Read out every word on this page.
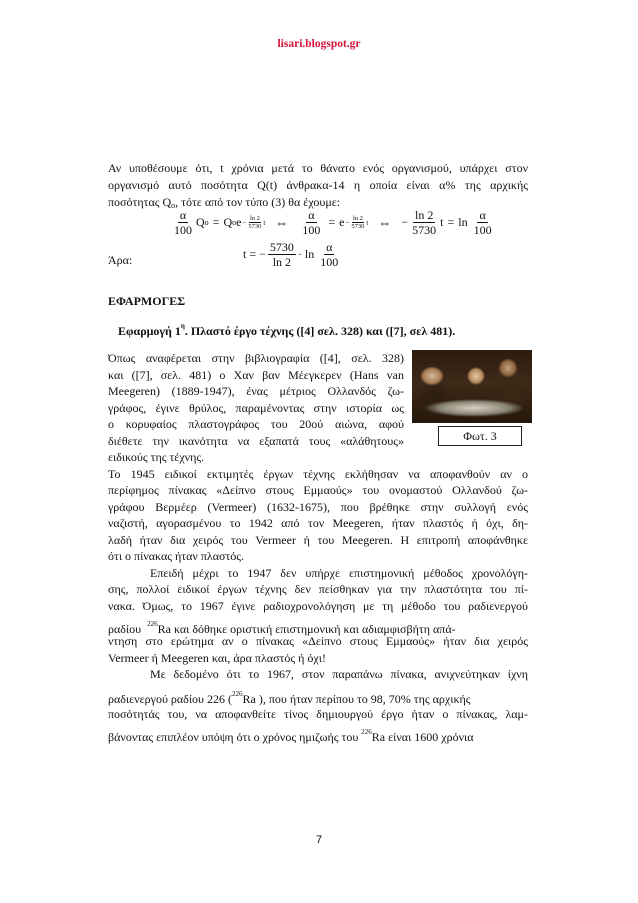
lisari.blogspot.gr
Αν υποθέσουμε ότι, t χρόνια μετά το θάνατο ενός οργανισμού, υπάρχει στον
οργανισμό αυτό ποσότητα Q(t) άνθρακα-14 η οποία είναι α% της αρχικής
ποσότητας Qο, τότε από τον τύπο (3) θα έχουμε:
$\frac{\alpha}{100}$ Q o = Q o $e - \frac{\ln 2}{5730}$ t ⇔ $\frac{\alpha}{100} = e - \frac{\ln 2}{5730}$ t ⇔ − $\frac{\ln 2}{5730}$ $t = \ln \frac{\alpha}{100}$
Άρα:	t = − $\frac{5730}{\ln 2} \cdot \ln \frac{\alpha}{100}$
ΕΦΑΡΜΟΓΕΣ
Εφαρμογή $1^\eta$. Πλαστό έργο τέχνης ([4] σελ. 328) και ([7], σελ 481).
Φωτ. 3
Όπως αναφέρεται στην βιβλιογραφία ([4], σελ. 328)
και ([7], σελ. 481) ο Χαν βαν Μέεγκερεν (Hans van
Meegeren) (1889-1947), ένας μέτριος Ολλανδός ζω-
γράφος, έγινε θρύλος, παραμένοντας στην ιστορία ως
ο κορυφαίος πλαστογράφος του 20ού αιώνα, αφού
διέθετε την ικανότητα να εξαπατά τους «αλάθητους»
ειδικούς της τέχνης.
Το 1945 ειδικοί εκτιμητές έργων τέχνης εκλήθησαν να αποφανθούν αν ο
περίφημος πίνακας «Δείπνο στους Εμμαούς» του ονομαστού Ολλανδού ζω-
γράφου Βερμέερ (Vermeer) (1632-1675), που βρέθηκε στην συλλογή ενός
ναζιστή, αγορασμένου το 1942 από τον Meegeren, ήταν πλαστός ή όχι, δη-
λαδή ήταν δια χειρός του Vermeer ή του Meegeren. Η επιτροπή αποφάνθηκε
ότι ο πίνακας ήταν πλαστός.
Επειδή μέχρι το 1947 δεν υπήρχε επιστημονική μέθοδος χρονολόγη-
σης, πολλοί ειδικοί έργων τέχνης δεν πείσθηκαν για την πλαστότητα του πί-
νακα. Όμως, το 1967 έγινε ραδιοχρονολόγηση με τη μέθοδο του ραδιενεργού
ραδίου $^{226}$Ra και δόθηκε οριστική επιστημονική και αδιαμφισβήτη απά-
ντηση στο ερώτημα αν ο πίνακας «Δείπνο στους Εμμαούς» ήταν δια χειρός
Vermeer ή Meegeren και, άρα πλαστός ή όχι!
Με δεδομένο ότι το 1967, στον παραπάνω πίνακα, ανιχνεύτηκαν ίχνη
ραδιενεργού ραδίου 226 ($^{226}$Ra ), που ήταν περίπου το 98, 70% της αρχικής
ποσότητάς του, να αποφανθείτε τίνος δημιουργού έργο ήταν ο πίνακας, λαμ-
βάνοντας επιπλέον υπόψη ότι ο χρόνος ημιζωής του $^{226}$Ra είναι 1600 χρόνια
7
